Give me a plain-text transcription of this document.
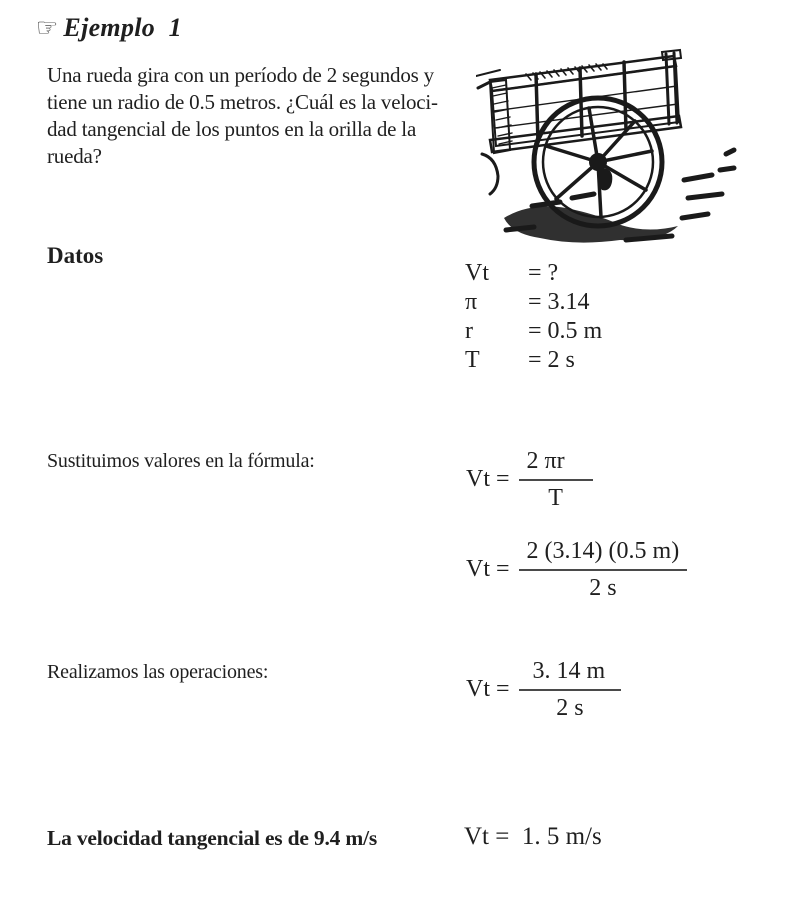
☞ Ejemplo  1
Una rueda gira con un período de 2 segundos y
tiene un radio de 0.5 metros. ¿Cuál es la veloci-
dad tangencial de los puntos en la orilla de la
rueda?
Datos
Vt	= ?
π	= 3.14
r	= 0.5 m
T	= 2 s

Sustituimos valores en la fórmula:

$Vt = \frac{2 \pi r}{T}$
$Vt = \frac{2 (3.14) (0.5 m)}{2 s}$

Realizamos las operaciones:

$Vt = \frac{3. 14 m}{2 s}$

La velocidad tangencial es de 9.4 m/s	Vt =  1. 5 m/s
